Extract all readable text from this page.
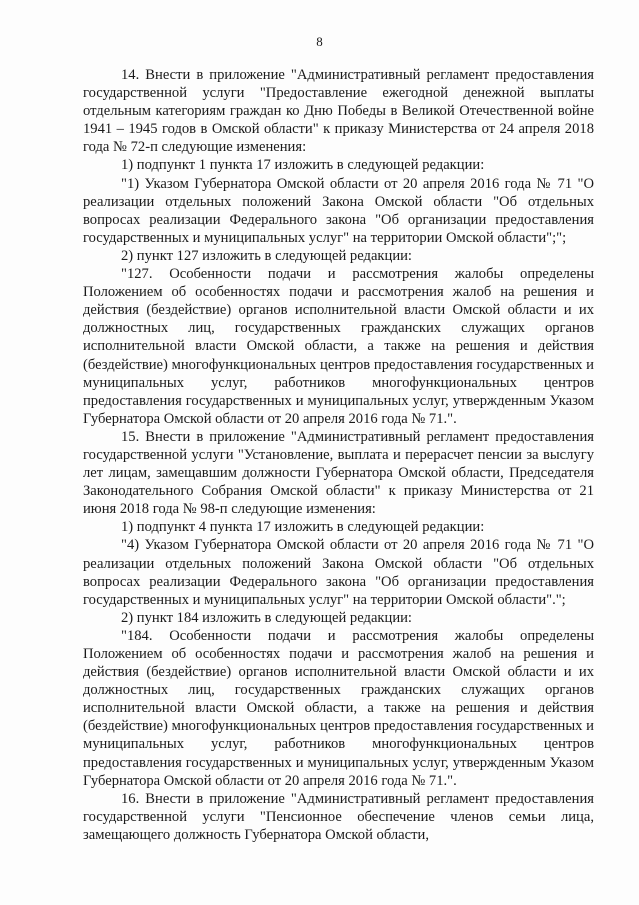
8

14. Внести в приложение "Административный регламент предоставления государственной услуги "Предоставление ежегодной денежной выплаты отдельным категориям граждан ко Дню Победы в Великой Отечественной войне 1941 – 1945 годов в Омской области" к приказу Министерства от 24 апреля 2018 года № 72-п следующие изменения:

1) подпункт 1 пункта 17 изложить в следующей редакции:

"1) Указом Губернатора Омской области от 20 апреля 2016 года № 71 "О реализации отдельных положений Закона Омской области "Об отдельных вопросах реализации Федерального закона "Об организации предоставления государственных и муниципальных услуг" на территории Омской области";";

2) пункт 127 изложить в следующей редакции:

"127. Особенности подачи и рассмотрения жалобы определены Положением об особенностях подачи и рассмотрения жалоб на решения и действия (бездействие) органов исполнительной власти Омской области и их должностных лиц, государственных гражданских служащих органов исполнительной власти Омской области, а также на решения и действия (бездействие) многофункциональных центров предоставления государственных и муниципальных услуг, работников многофункциональных центров предоставления государственных и муниципальных услуг, утвержденным Указом Губернатора Омской области от 20 апреля 2016 года № 71.".

15. Внести в приложение "Административный регламент предоставления государственной услуги "Установление, выплата и перерасчет пенсии за выслугу лет лицам, замещавшим должности Губернатора Омской области, Председателя Законодательного Собрания Омской области" к приказу Министерства от 21 июня 2018 года № 98-п следующие изменения:

1) подпункт 4 пункта 17 изложить в следующей редакции:

"4) Указом Губернатора Омской области от 20 апреля 2016 года № 71 "О реализации отдельных положений Закона Омской области "Об отдельных вопросах реализации Федерального закона "Об организации предоставления государственных и муниципальных услуг" на территории Омской области".";

2) пункт 184 изложить в следующей редакции:

"184. Особенности подачи и рассмотрения жалобы определены Положением об особенностях подачи и рассмотрения жалоб на решения и действия (бездействие) органов исполнительной власти Омской области и их должностных лиц, государственных гражданских служащих органов исполнительной власти Омской области, а также на решения и действия (бездействие) многофункциональных центров предоставления государственных и муниципальных услуг, работников многофункциональных центров предоставления государственных и муниципальных услуг, утвержденным Указом Губернатора Омской области от 20 апреля 2016 года № 71.".

16. Внести в приложение "Административный регламент предоставления государственной услуги "Пенсионное обеспечение членов семьи лица, замещающего должность Губернатора Омской области,
